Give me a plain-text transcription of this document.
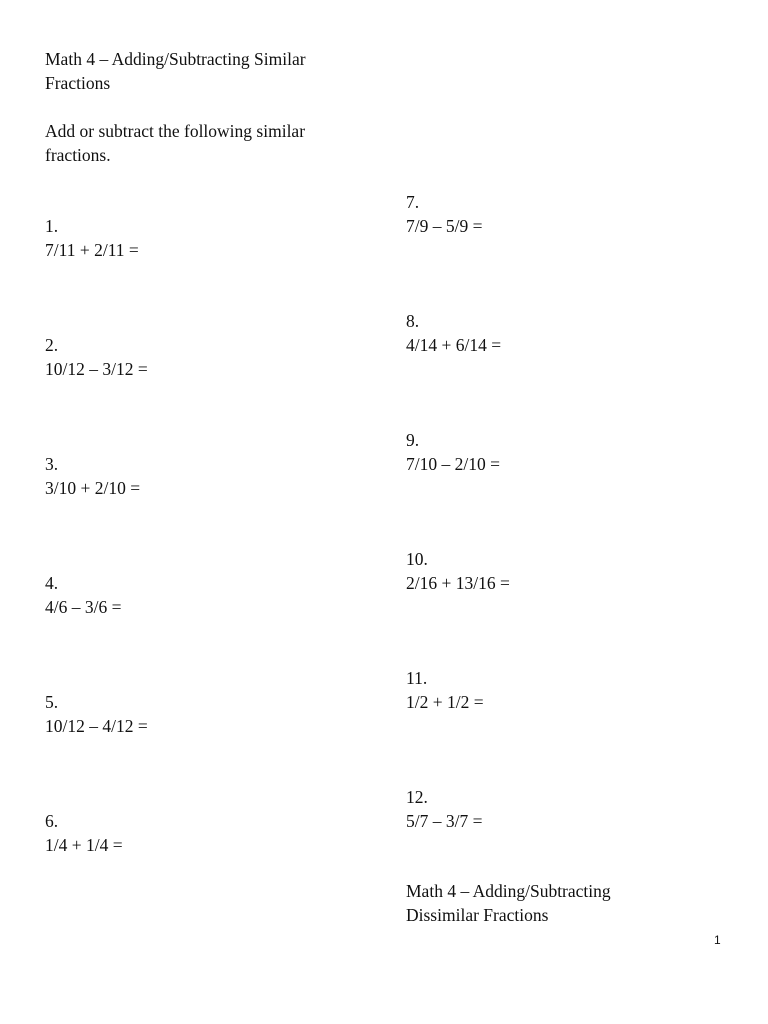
Math 4 – Adding/Subtracting Similar
Fractions
Add or subtract the following similar
fractions.
1.
7/11 + 2/11 =
2.
10/12 – 3/12 =
3.
3/10 + 2/10 =
4.
4/6 – 3/6 =
5.
10/12 – 4/12 =
6.
1/4 + 1/4 =
7.
7/9 – 5/9 =
8.
4/14 + 6/14 =
9.
7/10 – 2/10 =
10.
2/16 + 13/16 =
11.
1/2 + 1/2 =
12.
5/7 – 3/7 =
Math 4 – Adding/Subtracting
Dissimilar Fractions
1
